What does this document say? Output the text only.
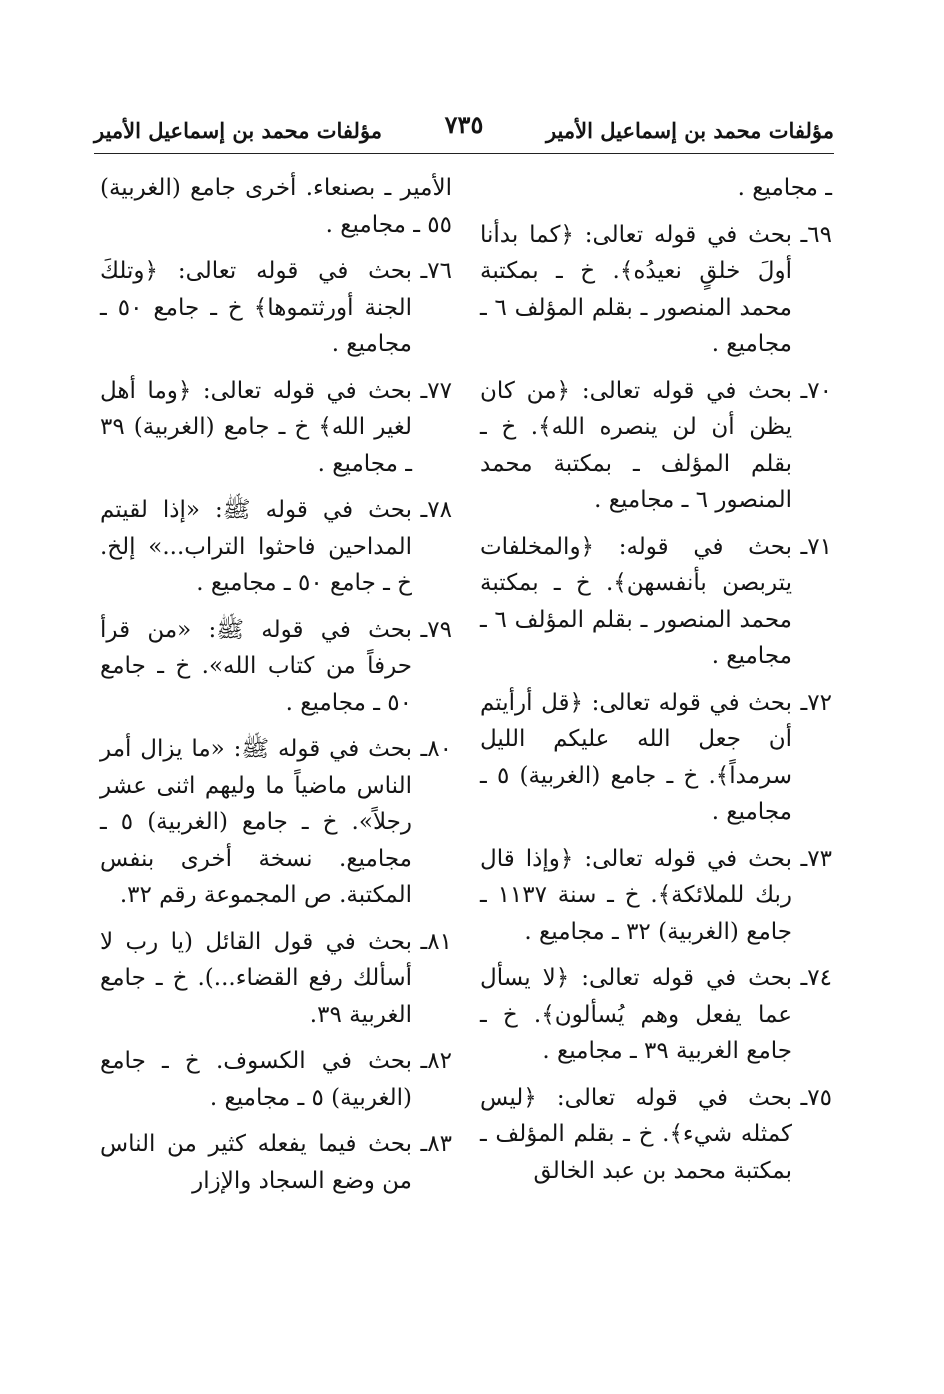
مؤلفات محمد بن إسماعيل الأمير
٧٣٥
مؤلفات محمد بن إسماعيل الأمير

ـ مجاميع .

٦٩ـ
بحث في قوله تعالى: ﴿كما بدأنا أولَ خلقٍ نعيدُه﴾. خ ـ بمكتبة محمد المنصور ـ بقلم المؤلف ٦ ـ مجاميع .
٧٠ـ
بحث في قوله تعالى: ﴿من كان يظن أن لن ينصره الله﴾. خ ـ بقلم المؤلف ـ بمكتبة محمد المنصور ٦ ـ مجاميع .
٧١ـ
بحث في قوله: ﴿والمخلفات يتربصن بأنفسهن﴾. خ ـ بمكتبة محمد المنصور ـ بقلم المؤلف ٦ ـ مجاميع .
٧٢ـ
بحث في قوله تعالى: ﴿قل أرأيتم أن جعل الله عليكم الليل سرمداً﴾. خ ـ جامع (الغربية) ٥ ـ مجاميع .
٧٣ـ
بحث في قوله تعالى: ﴿وإذا قال ربك للملائكة﴾. خ ـ سنة ١١٣٧ ـ جامع (الغربية) ٣٢ ـ مجاميع .
٧٤ـ
بحث في قوله تعالى: ﴿لا يسأل عما يفعل وهم يُسألون﴾. خ ـ جامع الغربية ٣٩ ـ مجاميع .
٧٥ـ
بحث في قوله تعالى: ﴿ليس كمثله شيء﴾. خ ـ بقلم المؤلف ـ بمكتبة محمد بن عبد الخالق

الأمير ـ بصنعاء. أخرى جامع (الغربية) ٥٥ ـ مجاميع .

٧٦ـ
بحث في قوله تعالى: ﴿وتلكَ الجنة أورثتموها﴾ خ ـ جامع ٥٠ ـ مجاميع .
٧٧ـ
بحث في قوله تعالى: ﴿وما أهل لغير الله﴾ خ ـ جامع (الغربية) ٣٩ ـ مجاميع .
٧٨ـ
بحث في قوله ﷺ: «إذا لقيتم المداحين فاحثوا التراب...» إلخ. خ ـ جامع ٥٠ ـ مجاميع .
٧٩ـ
بحث في قوله ﷺ: «من قرأ حرفاً من كتاب الله». خ ـ جامع ٥٠ ـ مجاميع .
٨٠ـ
بحث في قوله ﷺ: «ما يزال أمر الناس ماضياً ما وليهم اثنى عشر رجلاً». خ ـ جامع (الغربية) ٥ ـ مجاميع. نسخة أخرى بنفس المكتبة. ص المجموعة رقم ٣٢.
٨١ـ
بحث في قول القائل (يا رب لا أسألك رفع القضاء...). خ ـ جامع الغربية ٣٩.
٨٢ـ
بحث في الكسوف. خ ـ جامع (الغربية) ٥ ـ مجاميع .
٨٣ـ
بحث فيما يفعله كثير من الناس من وضع السجاد والإزار
